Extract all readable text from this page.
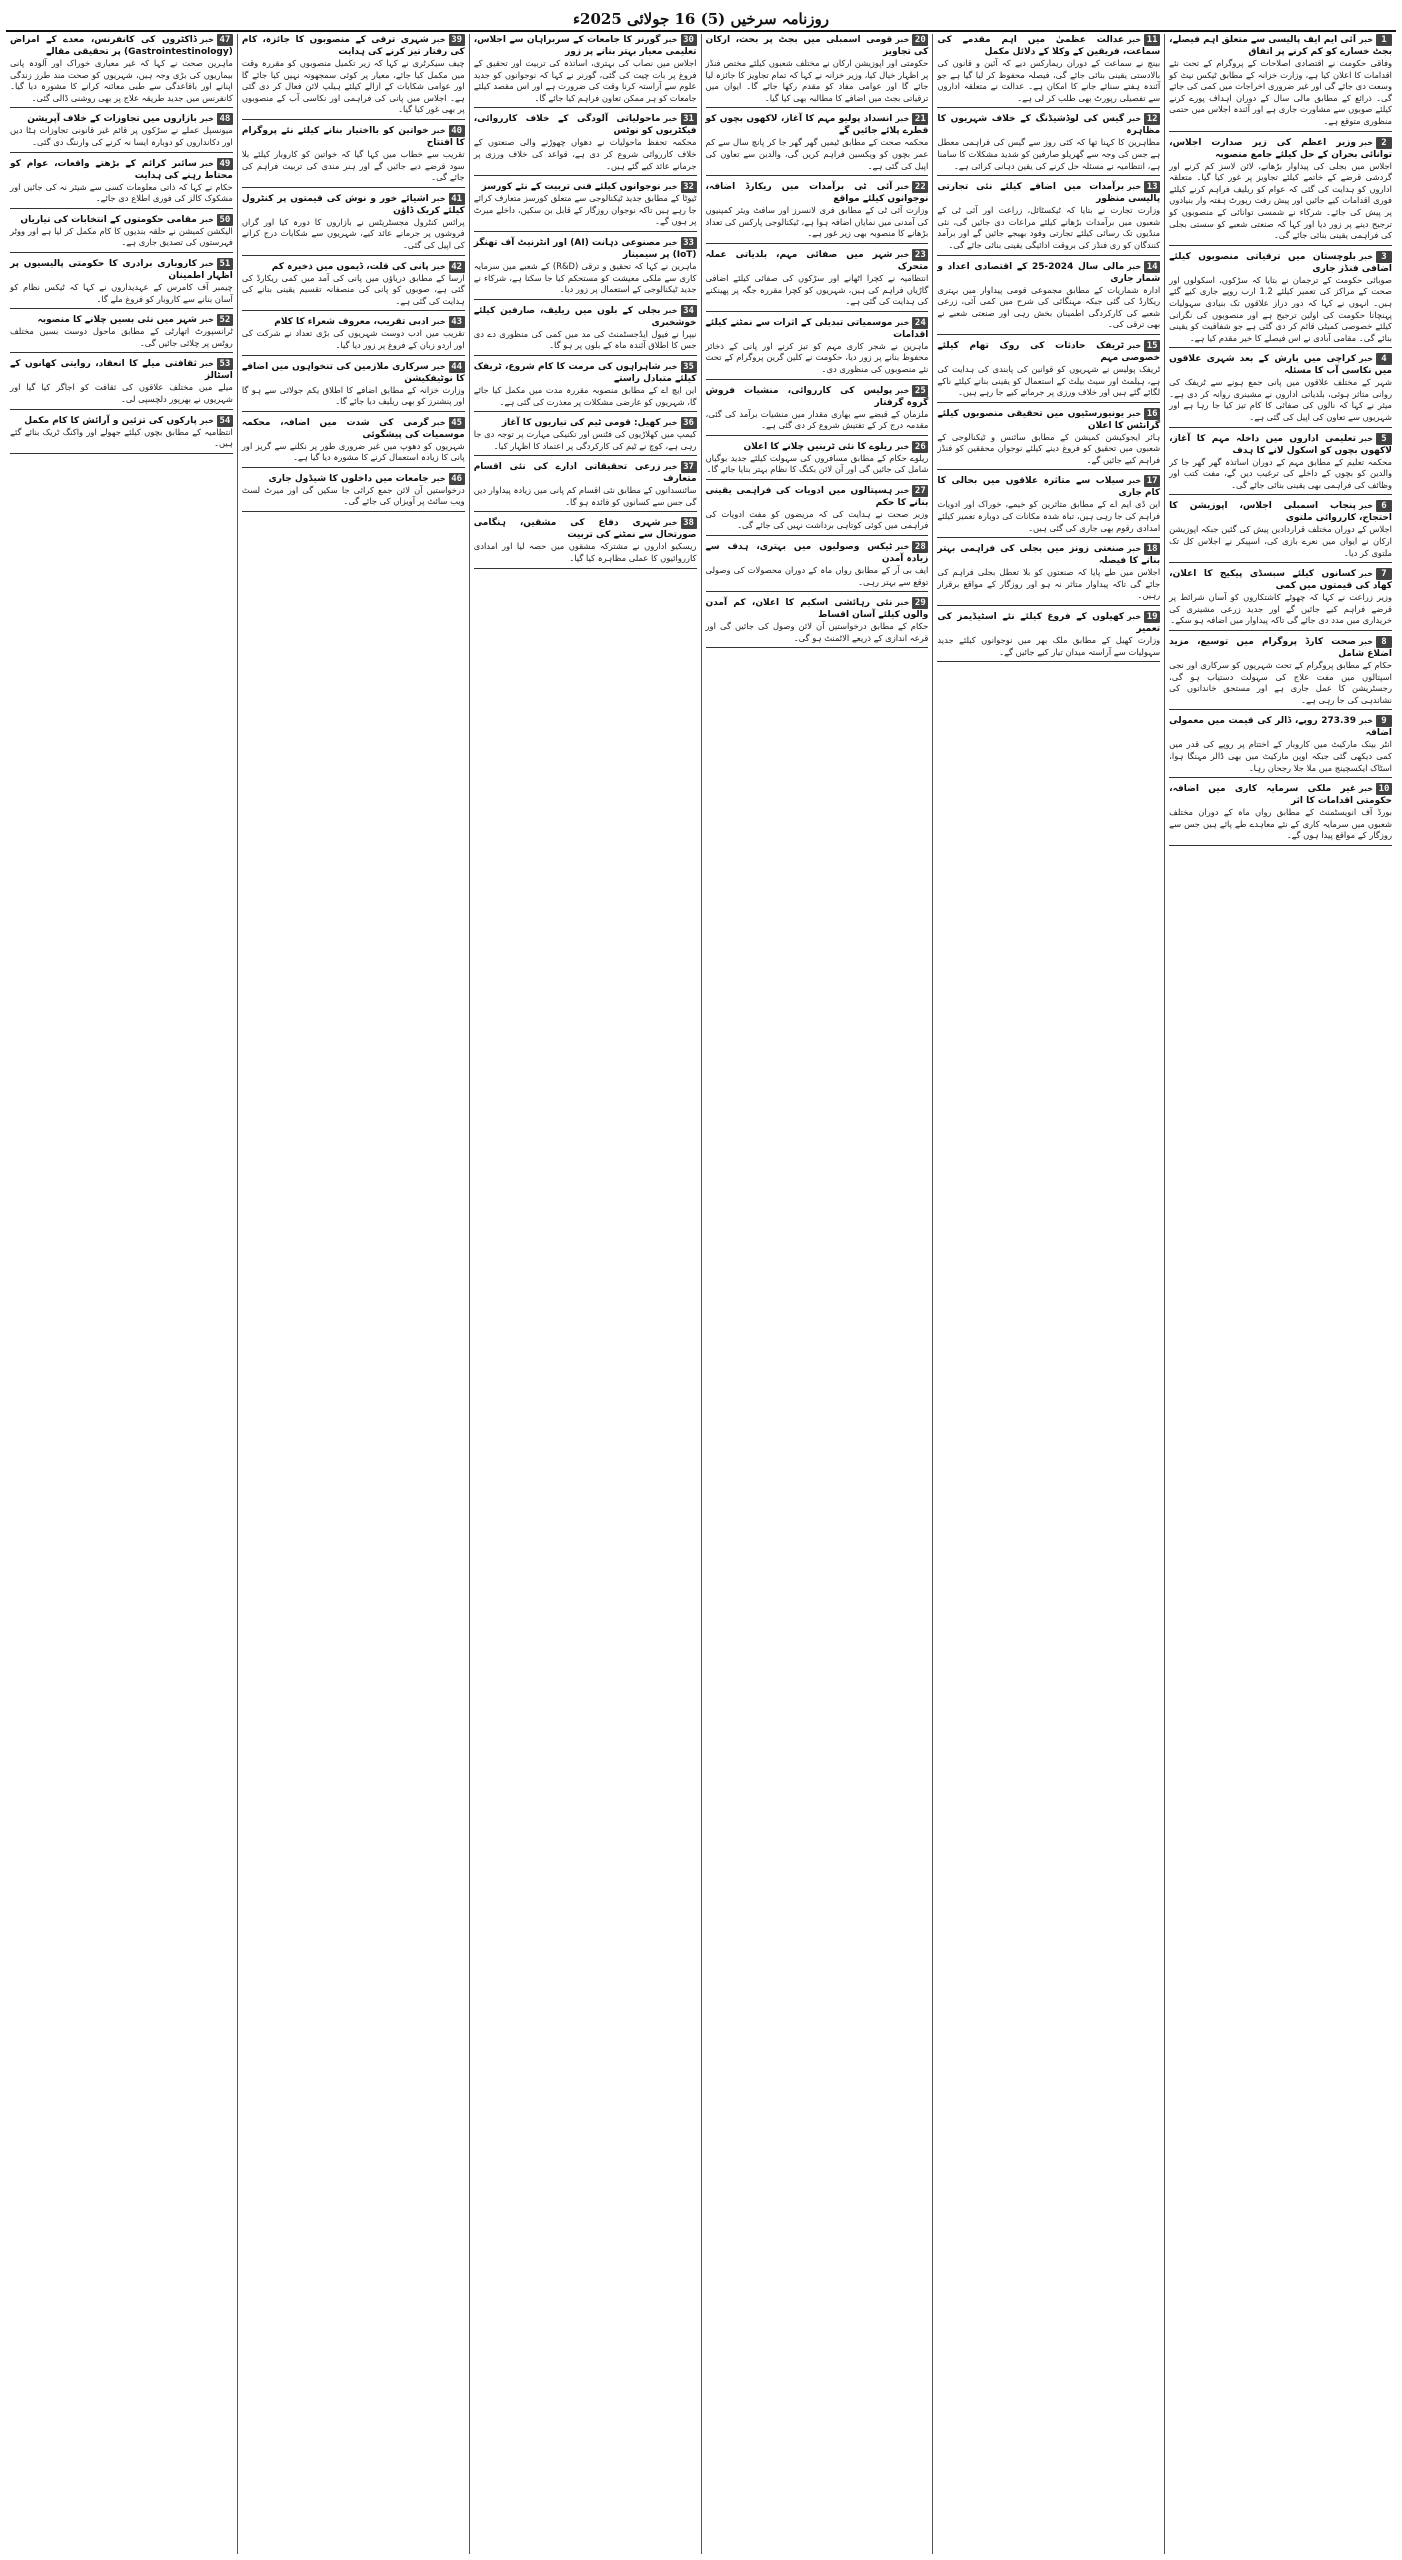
روزنامہ سرخیں (5) 16 جولائی 2025ء
1خبرآئی ایم ایف پالیسی سے متعلق اہم فیصلے، بجٹ خسارے کو کم کرنے پر اتفاق
وفاقی حکومت نے اقتصادی اصلاحات کے پروگرام کے تحت نئے اقدامات کا اعلان کیا ہے، وزارت خزانہ کے مطابق ٹیکس نیٹ کو وسعت دی جائے گی اور غیر ضروری اخراجات میں کمی کی جائے گی۔ ذرائع کے مطابق مالی سال کے دوران اہداف پورے کرنے کیلئے صوبوں سے مشاورت جاری ہے اور آئندہ اجلاس میں حتمی منظوری متوقع ہے۔
2خبروزیر اعظم کی زیر صدارت اجلاس، توانائی بحران کے حل کیلئے جامع منصوبہ
اجلاس میں بجلی کی پیداوار بڑھانے، لائن لاسز کم کرنے اور گردشی قرضے کے خاتمے کیلئے تجاویز پر غور کیا گیا۔ متعلقہ اداروں کو ہدایت کی گئی کہ عوام کو ریلیف فراہم کرنے کیلئے فوری اقدامات کیے جائیں اور پیش رفت رپورٹ ہفتہ وار بنیادوں پر پیش کی جائے۔ شرکاء نے شمسی توانائی کے منصوبوں کو ترجیح دینے پر زور دیا اور کہا کہ صنعتی شعبے کو سستی بجلی کی فراہمی یقینی بنائی جائے گی۔
3خبربلوچستان میں ترقیاتی منصوبوں کیلئے اضافی فنڈز جاری
صوبائی حکومت کے ترجمان نے بتایا کہ سڑکوں، اسکولوں اور صحت کے مراکز کی تعمیر کیلئے 1.2 ارب روپے جاری کیے گئے ہیں۔ انہوں نے کہا کہ دور دراز علاقوں تک بنیادی سہولیات پہنچانا حکومت کی اولین ترجیح ہے اور منصوبوں کی نگرانی کیلئے خصوصی کمیٹی قائم کر دی گئی ہے جو شفافیت کو یقینی بنائے گی۔ مقامی آبادی نے اس فیصلے کا خیر مقدم کیا ہے۔
4خبرکراچی میں بارش کے بعد شہری علاقوں میں نکاسی آب کا مسئلہ
شہر کے مختلف علاقوں میں پانی جمع ہونے سے ٹریفک کی روانی متاثر ہوئی، بلدیاتی اداروں نے مشینری روانہ کر دی ہے۔ میئر نے کہا کہ نالوں کی صفائی کا کام تیز کیا جا رہا ہے اور شہریوں سے تعاون کی اپیل کی گئی ہے۔
5خبرتعلیمی اداروں میں داخلہ مہم کا آغاز، لاکھوں بچوں کو اسکول لانے کا ہدف
محکمہ تعلیم کے مطابق مہم کے دوران اساتذہ گھر گھر جا کر والدین کو بچوں کے داخلے کی ترغیب دیں گے، مفت کتب اور وظائف کی فراہمی بھی یقینی بنائی جائے گی۔
6خبرپنجاب اسمبلی اجلاس، اپوزیشن کا احتجاج، کارروائی ملتوی
اجلاس کے دوران مختلف قراردادیں پیش کی گئیں جبکہ اپوزیشن ارکان نے ایوان میں نعرے بازی کی، اسپیکر نے اجلاس کل تک ملتوی کر دیا۔
7خبرکسانوں کیلئے سبسڈی پیکیج کا اعلان، کھاد کی قیمتوں میں کمی
وزیر زراعت نے کہا کہ چھوٹے کاشتکاروں کو آسان شرائط پر قرضے فراہم کیے جائیں گے اور جدید زرعی مشینری کی خریداری میں مدد دی جائے گی تاکہ پیداوار میں اضافہ ہو سکے۔
8خبرصحت کارڈ پروگرام میں توسیع، مزید اضلاع شامل
حکام کے مطابق پروگرام کے تحت شہریوں کو سرکاری اور نجی اسپتالوں میں مفت علاج کی سہولت دستیاب ہو گی، رجسٹریشن کا عمل جاری ہے اور مستحق خاندانوں کی نشاندہی کی جا رہی ہے۔
9خبر273.39 روپے، ڈالر کی قیمت میں معمولی اضافہ
انٹر بینک مارکیٹ میں کاروبار کے اختتام پر روپے کی قدر میں کمی دیکھی گئی جبکہ اوپن مارکیٹ میں بھی ڈالر مہنگا ہوا، اسٹاک ایکسچینج میں ملا جلا رجحان رہا۔
10خبرغیر ملکی سرمایہ کاری میں اضافہ، حکومتی اقدامات کا اثر
بورڈ آف انویسٹمنٹ کے مطابق رواں ماہ کے دوران مختلف شعبوں میں سرمایہ کاری کے نئے معاہدے طے پائے ہیں جس سے روزگار کے مواقع پیدا ہوں گے۔
11خبرعدالت عظمیٰ میں اہم مقدمے کی سماعت، فریقین کے وکلا کے دلائل مکمل
بینچ نے سماعت کے دوران ریمارکس دیے کہ آئین و قانون کی بالادستی یقینی بنائی جائے گی، فیصلہ محفوظ کر لیا گیا ہے جو آئندہ ہفتے سنائے جانے کا امکان ہے۔ عدالت نے متعلقہ اداروں سے تفصیلی رپورٹ بھی طلب کر لی ہے۔
12خبرگیس کی لوڈشیڈنگ کے خلاف شہریوں کا مظاہرہ
مظاہرین کا کہنا تھا کہ کئی روز سے گیس کی فراہمی معطل ہے جس کی وجہ سے گھریلو صارفین کو شدید مشکلات کا سامنا ہے، انتظامیہ نے مسئلہ حل کرنے کی یقین دہانی کرائی ہے۔
13خبربرآمدات میں اضافے کیلئے نئی تجارتی پالیسی منظور
وزارت تجارت نے بتایا کہ ٹیکسٹائل، زراعت اور آئی ٹی کے شعبوں میں برآمدات بڑھانے کیلئے مراعات دی جائیں گی، نئی منڈیوں تک رسائی کیلئے تجارتی وفود بھیجے جائیں گے اور برآمد کنندگان کو ری فنڈز کی بروقت ادائیگی یقینی بنائی جائے گی۔
14خبرمالی سال 2024-25 کے اقتصادی اعداد و شمار جاری
ادارہ شماریات کے مطابق مجموعی قومی پیداوار میں بہتری ریکارڈ کی گئی جبکہ مہنگائی کی شرح میں کمی آئی، زرعی شعبے کی کارکردگی اطمینان بخش رہی اور صنعتی شعبے نے بھی ترقی کی۔
15خبرٹریفک حادثات کی روک تھام کیلئے خصوصی مہم
ٹریفک پولیس نے شہریوں کو قوانین کی پابندی کی ہدایت کی ہے، ہیلمٹ اور سیٹ بیلٹ کے استعمال کو یقینی بنانے کیلئے ناکے لگائے گئے ہیں اور خلاف ورزی پر جرمانے کیے جا رہے ہیں۔
16خبریونیورسٹیوں میں تحقیقی منصوبوں کیلئے گرانٹس کا اعلان
ہائر ایجوکیشن کمیشن کے مطابق سائنس و ٹیکنالوجی کے شعبوں میں تحقیق کو فروغ دینے کیلئے نوجوان محققین کو فنڈز فراہم کیے جائیں گے۔
17خبرسیلاب سے متاثرہ علاقوں میں بحالی کا کام جاری
این ڈی ایم اے کے مطابق متاثرین کو خیمے، خوراک اور ادویات فراہم کی جا رہی ہیں، تباہ شدہ مکانات کی دوبارہ تعمیر کیلئے امدادی رقوم بھی جاری کی گئی ہیں۔
18خبرصنعتی زونز میں بجلی کی فراہمی بہتر بنانے کا فیصلہ
اجلاس میں طے پایا کہ صنعتوں کو بلا تعطل بجلی فراہم کی جائے گی تاکہ پیداوار متاثر نہ ہو اور روزگار کے مواقع برقرار رہیں۔
19خبرکھیلوں کے فروغ کیلئے نئے اسٹیڈیمز کی تعمیر
وزارت کھیل کے مطابق ملک بھر میں نوجوانوں کیلئے جدید سہولیات سے آراستہ میدان تیار کیے جائیں گے۔
20خبرقومی اسمبلی میں بجٹ پر بحث، ارکان کی تجاویز
حکومتی اور اپوزیشن ارکان نے مختلف شعبوں کیلئے مختص فنڈز پر اظہار خیال کیا، وزیر خزانہ نے کہا کہ تمام تجاویز کا جائزہ لیا جائے گا اور عوامی مفاد کو مقدم رکھا جائے گا۔ ایوان میں ترقیاتی بجٹ میں اضافے کا مطالبہ بھی کیا گیا۔
21خبرانسداد پولیو مہم کا آغاز، لاکھوں بچوں کو قطرے پلائے جائیں گے
محکمہ صحت کے مطابق ٹیمیں گھر گھر جا کر پانچ سال سے کم عمر بچوں کو ویکسین فراہم کریں گی، والدین سے تعاون کی اپیل کی گئی ہے۔
22خبرآئی ٹی برآمدات میں ریکارڈ اضافہ، نوجوانوں کیلئے مواقع
وزارت آئی ٹی کے مطابق فری لانسرز اور سافٹ ویئر کمپنیوں کی آمدنی میں نمایاں اضافہ ہوا ہے، ٹیکنالوجی پارکس کی تعداد بڑھانے کا منصوبہ بھی زیر غور ہے۔
23خبرشہر میں صفائی مہم، بلدیاتی عملہ متحرک
انتظامیہ نے کچرا اٹھانے اور سڑکوں کی صفائی کیلئے اضافی گاڑیاں فراہم کی ہیں، شہریوں کو کچرا مقررہ جگہ پر پھینکنے کی ہدایت کی گئی ہے۔
24خبرموسمیاتی تبدیلی کے اثرات سے نمٹنے کیلئے اقدامات
ماہرین نے شجر کاری مہم کو تیز کرنے اور پانی کے ذخائر محفوظ بنانے پر زور دیا، حکومت نے کلین گرین پروگرام کے تحت نئے منصوبوں کی منظوری دی۔
25خبرپولیس کی کارروائی، منشیات فروش گروہ گرفتار
ملزمان کے قبضے سے بھاری مقدار میں منشیات برآمد کی گئی، مقدمہ درج کر کے تفتیش شروع کر دی گئی ہے۔
26خبرریلوے کا نئی ٹرینیں چلانے کا اعلان
ریلوے حکام کے مطابق مسافروں کی سہولت کیلئے جدید بوگیاں شامل کی جائیں گی اور آن لائن بکنگ کا نظام بہتر بنایا جائے گا۔
27خبرہسپتالوں میں ادویات کی فراہمی یقینی بنانے کا حکم
وزیر صحت نے ہدایت کی کہ مریضوں کو مفت ادویات کی فراہمی میں کوئی کوتاہی برداشت نہیں کی جائے گی۔
28خبرٹیکس وصولیوں میں بہتری، ہدف سے زیادہ آمدن
ایف بی آر کے مطابق رواں ماہ کے دوران محصولات کی وصولی توقع سے بہتر رہی۔
29خبرنئی رہائشی اسکیم کا اعلان، کم آمدن والوں کیلئے آسان اقساط
حکام کے مطابق درخواستیں آن لائن وصول کی جائیں گی اور قرعہ اندازی کے ذریعے الاٹمنٹ ہو گی۔
30خبرگورنر کا جامعات کے سربراہان سے اجلاس، تعلیمی معیار بہتر بنانے پر زور
اجلاس میں نصاب کی بہتری، اساتذہ کی تربیت اور تحقیق کے فروغ پر بات چیت کی گئی، گورنر نے کہا کہ نوجوانوں کو جدید علوم سے آراستہ کرنا وقت کی ضرورت ہے اور اس مقصد کیلئے جامعات کو ہر ممکن تعاون فراہم کیا جائے گا۔
31خبرماحولیاتی آلودگی کے خلاف کارروائی، فیکٹریوں کو نوٹس
محکمہ تحفظ ماحولیات نے دھواں چھوڑنے والی صنعتوں کے خلاف کارروائی شروع کر دی ہے، قواعد کی خلاف ورزی پر جرمانے عائد کیے گئے ہیں۔
32خبرنوجوانوں کیلئے فنی تربیت کے نئے کورسز
ٹیوٹا کے مطابق جدید ٹیکنالوجی سے متعلق کورسز متعارف کرائے جا رہے ہیں تاکہ نوجوان روزگار کے قابل بن سکیں، داخلے میرٹ پر ہوں گے۔
33خبرمصنوعی ذہانت (AI) اور انٹرنیٹ آف تھنگز (IoT) پر سیمینار
ماہرین نے کہا کہ تحقیق و ترقی (R&D) کے شعبے میں سرمایہ کاری سے ملکی معیشت کو مستحکم کیا جا سکتا ہے، شرکاء نے جدید ٹیکنالوجی کے استعمال پر زور دیا۔
34خبربجلی کے بلوں میں ریلیف، صارفین کیلئے خوشخبری
نیپرا نے فیول ایڈجسٹمنٹ کی مد میں کمی کی منظوری دے دی جس کا اطلاق آئندہ ماہ کے بلوں پر ہو گا۔
35خبرشاہراہوں کی مرمت کا کام شروع، ٹریفک کیلئے متبادل راستے
این ایچ اے کے مطابق منصوبہ مقررہ مدت میں مکمل کیا جائے گا، شہریوں کو عارضی مشکلات پر معذرت کی گئی ہے۔
36خبرکھیل: قومی ٹیم کی تیاریوں کا آغاز
کیمپ میں کھلاڑیوں کی فٹنس اور تکنیکی مہارت پر توجہ دی جا رہی ہے، کوچ نے ٹیم کی کارکردگی پر اعتماد کا اظہار کیا۔
37خبرزرعی تحقیقاتی ادارے کی نئی اقسام متعارف
سائنسدانوں کے مطابق نئی اقسام کم پانی میں زیادہ پیداوار دیں گی جس سے کسانوں کو فائدہ ہو گا۔
38خبرشہری دفاع کی مشقیں، ہنگامی صورتحال سے نمٹنے کی تربیت
ریسکیو اداروں نے مشترکہ مشقوں میں حصہ لیا اور امدادی کارروائیوں کا عملی مظاہرہ کیا گیا۔
39خبرشہری ترقی کے منصوبوں کا جائزہ، کام کی رفتار تیز کرنے کی ہدایت
چیف سیکرٹری نے کہا کہ زیر تکمیل منصوبوں کو مقررہ وقت میں مکمل کیا جائے، معیار پر کوئی سمجھوتہ نہیں کیا جائے گا اور عوامی شکایات کے ازالے کیلئے ہیلپ لائن فعال کر دی گئی ہے۔ اجلاس میں پانی کی فراہمی اور نکاسی آب کے منصوبوں پر بھی غور کیا گیا۔
40خبرخواتین کو بااختیار بنانے کیلئے نئے پروگرام کا افتتاح
تقریب سے خطاب میں کہا گیا کہ خواتین کو کاروبار کیلئے بلا سود قرضے دیے جائیں گے اور ہنر مندی کی تربیت فراہم کی جائے گی۔
41خبراشیائے خور و نوش کی قیمتوں پر کنٹرول کیلئے کریک ڈاؤن
پرائس کنٹرول مجسٹریٹس نے بازاروں کا دورہ کیا اور گراں فروشوں پر جرمانے عائد کیے، شہریوں سے شکایات درج کرانے کی اپیل کی گئی۔
42خبرپانی کی قلت، ڈیموں میں ذخیرہ کم
ارسا کے مطابق دریاؤں میں پانی کی آمد میں کمی ریکارڈ کی گئی ہے، صوبوں کو پانی کی منصفانہ تقسیم یقینی بنانے کی ہدایت کی گئی ہے۔
43خبرادبی تقریب، معروف شعراء کا کلام
تقریب میں ادب دوست شہریوں کی بڑی تعداد نے شرکت کی اور اردو زبان کے فروغ پر زور دیا گیا۔
44خبرسرکاری ملازمین کی تنخواہوں میں اضافے کا نوٹیفکیشن
وزارت خزانہ کے مطابق اضافے کا اطلاق یکم جولائی سے ہو گا اور پنشنرز کو بھی ریلیف دیا جائے گا۔
45خبرگرمی کی شدت میں اضافہ، محکمہ موسمیات کی پیشگوئی
شہریوں کو دھوپ میں غیر ضروری طور پر نکلنے سے گریز اور پانی کا زیادہ استعمال کرنے کا مشورہ دیا گیا ہے۔
46خبرجامعات میں داخلوں کا شیڈول جاری
درخواستیں آن لائن جمع کرائی جا سکیں گی اور میرٹ لسٹ ویب سائٹ پر آویزاں کی جائے گی۔
47خبرڈاکٹروں کی کانفرنس، معدے کے امراض (Gastrointestinology) پر تحقیقی مقالے
ماہرین صحت نے کہا کہ غیر معیاری خوراک اور آلودہ پانی بیماریوں کی بڑی وجہ ہیں، شہریوں کو صحت مند طرز زندگی اپنانے اور باقاعدگی سے طبی معائنہ کرانے کا مشورہ دیا گیا۔ کانفرنس میں جدید طریقہ علاج پر بھی روشنی ڈالی گئی۔
48خبربازاروں میں تجاوزات کے خلاف آپریشن
میونسپل عملے نے سڑکوں پر قائم غیر قانونی تجاوزات ہٹا دیں اور دکانداروں کو دوبارہ ایسا نہ کرنے کی وارننگ دی گئی۔
49خبرسائبر کرائم کے بڑھتے واقعات، عوام کو محتاط رہنے کی ہدایت
حکام نے کہا کہ ذاتی معلومات کسی سے شیئر نہ کی جائیں اور مشکوک کالز کی فوری اطلاع دی جائے۔
50خبرمقامی حکومتوں کے انتخابات کی تیاریاں
الیکشن کمیشن نے حلقہ بندیوں کا کام مکمل کر لیا ہے اور ووٹر فہرستوں کی تصدیق جاری ہے۔
51خبرکاروباری برادری کا حکومتی پالیسیوں پر اظہار اطمینان
چیمبر آف کامرس کے عہدیداروں نے کہا کہ ٹیکس نظام کو آسان بنانے سے کاروبار کو فروغ ملے گا۔
52خبرشہر میں نئی بسیں چلانے کا منصوبہ
ٹرانسپورٹ اتھارٹی کے مطابق ماحول دوست بسیں مختلف روٹس پر چلائی جائیں گی۔
53خبرثقافتی میلے کا انعقاد، روایتی کھانوں کے اسٹالز
میلے میں مختلف علاقوں کی ثقافت کو اجاگر کیا گیا اور شہریوں نے بھرپور دلچسپی لی۔
54خبرپارکوں کی تزئین و آرائش کا کام مکمل
انتظامیہ کے مطابق بچوں کیلئے جھولے اور واکنگ ٹریک بنائے گئے ہیں۔
